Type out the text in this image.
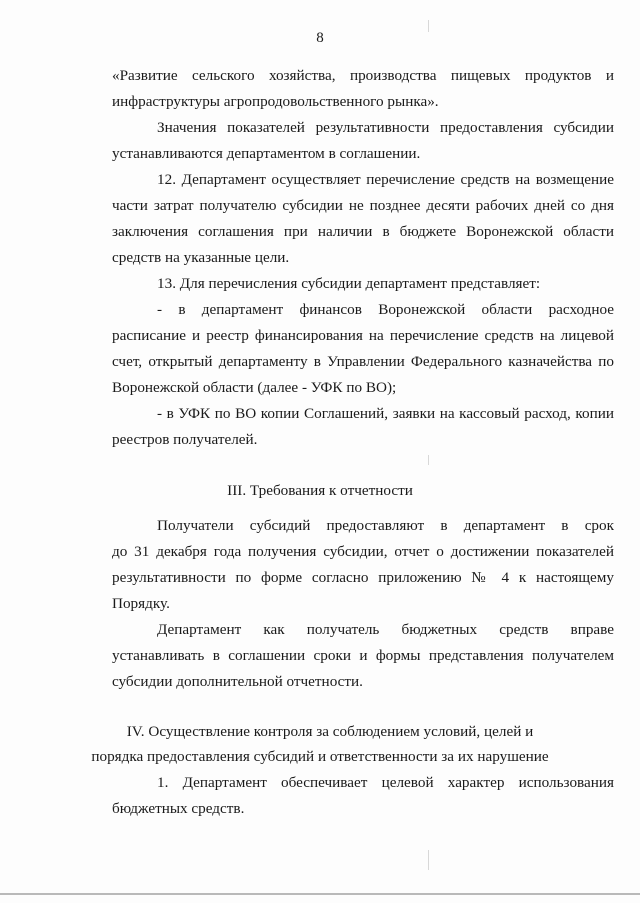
8
«Развитие сельского хозяйства, производства пищевых продуктов и
инфраструктуры агропродовольственного рынка».
Значения показателей результативности предоставления субсидии
устанавливаются департаментом в соглашении.
12. Департамент осуществляет перечисление средств на возмещение
части затрат получателю субсидии не позднее десяти рабочих дней со дня
заключения соглашения при наличии в бюджете Воронежской области
средств на указанные цели.
13. Для перечисления субсидии департамент представляет:
- в департамент финансов Воронежской области расходное
расписание и реестр финансирования на перечисление средств на лицевой
счет, открытый департаменту в Управлении Федерального казначейства по
Воронежской области (далее - УФК по ВО);
- в УФК по ВО копии Соглашений, заявки на кассовый расход, копии
реестров получателей.
III. Требования к отчетности
Получатели субсидий предоставляют в департамент в срок
до 31 декабря года получения субсидии, отчет о достижении показателей
результативности по форме согласно приложению № 4 к настоящему
Порядку.
Департамент как получатель бюджетных средств вправе
устанавливать в соглашении сроки и формы представления получателем
субсидии дополнительной отчетности.
IV. Осуществление контроля за соблюдением условий, целей и
порядка предоставления субсидий и ответственности за их нарушение
1. Департамент обеспечивает целевой характер использования
бюджетных средств.
